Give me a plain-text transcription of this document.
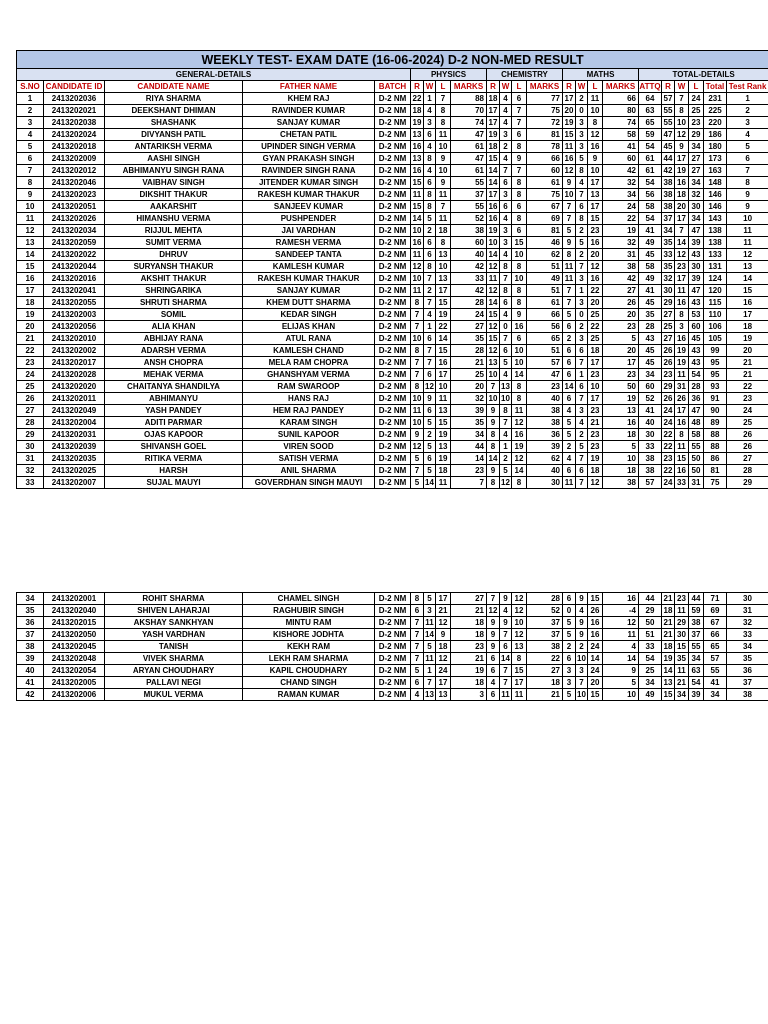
WEEKLY TEST- EXAM DATE (16-06-2024) D-2 NON-MED RESULT																						
GENERAL-DETAILS					PHYSICS				CHEMISTRY				MATHS				TOTAL-DETAILS					
S.NO	CANDIDATE ID	CANDIDATE NAME	FATHER NAME	BATCH	R	W	L	MARKS	R	W	L	MARKS	R	W	L	MARKS	ATTQ	R	W	L	Total	Test Rank
1	2413202036	RIYA SHARMA	KHEM RAJ	D-2 NM	22	1	7	88	18	4	6	77	17	2	11	66	64	57	7	24	231	1
2	2413202021	DEEKSHANT DHIMAN	RAVINDER KUMAR	D-2 NM	18	4	8	70	17	4	7	75	20	0	10	80	63	55	8	25	225	2
3	2413202038	SHASHANK	SANJAY KUMAR	D-2 NM	19	3	8	74	17	4	7	72	19	3	8	74	65	55	10	23	220	3
4	2413202024	DIVYANSH PATIL	CHETAN PATIL	D-2 NM	13	6	11	47	19	3	6	81	15	3	12	58	59	47	12	29	186	4
5	2413202018	ANTARIKSH VERMA	UPINDER SINGH VERMA	D-2 NM	16	4	10	61	18	2	8	78	11	3	16	41	54	45	9	34	180	5
6	2413202009	AASHI SINGH	GYAN PRAKASH SINGH	D-2 NM	13	8	9	47	15	4	9	66	16	5	9	60	61	44	17	27	173	6
7	2413202012	ABHIMANYU SINGH RANA	RAVINDER SINGH RANA	D-2 NM	16	4	10	61	14	7	7	60	12	8	10	42	61	42	19	27	163	7
8	2413202046	VAIBHAV SINGH	JITENDER KUMAR SINGH	D-2 NM	15	6	9	55	14	6	8	61	9	4	17	32	54	38	16	34	148	8
9	2413202023	DIKSHIT THAKUR	RAKESH KUMAR THAKUR	D-2 NM	11	8	11	37	17	3	8	75	10	7	13	34	56	38	18	32	146	9
10	2413202051	AAKARSHIT	SANJEEV KUMAR	D-2 NM	15	8	7	55	16	6	6	67	7	6	17	24	58	38	20	30	146	9
11	2413202026	HIMANSHU VERMA	PUSHPENDER	D-2 NM	14	5	11	52	16	4	8	69	7	8	15	22	54	37	17	34	143	10
12	2413202034	RIJJUL MEHTA	JAI VARDHAN	D-2 NM	10	2	18	38	19	3	6	81	5	2	23	19	41	34	7	47	138	11
13	2413202059	SUMIT VERMA	RAMESH VERMA	D-2 NM	16	6	8	60	10	3	15	46	9	5	16	32	49	35	14	39	138	11
14	2413202022	DHRUV	SANDEEP TANTA	D-2 NM	11	6	13	40	14	4	10	62	8	2	20	31	45	33	12	43	133	12
15	2413202044	SURYANSH THAKUR	KAMLESH KUMAR	D-2 NM	12	8	10	42	12	8	8	51	11	7	12	38	58	35	23	30	131	13
16	2413202016	AKSHIT THAKUR	RAKESH KUMAR THAKUR	D-2 NM	10	7	13	33	11	7	10	49	11	3	16	42	49	32	17	39	124	14
17	2413202041	SHRINGARIKA	SANJAY KUMAR	D-2 NM	11	2	17	42	12	8	8	51	7	1	22	27	41	30	11	47	120	15
18	2413202055	SHRUTI SHARMA	KHEM DUTT SHARMA	D-2 NM	8	7	15	28	14	6	8	61	7	3	20	26	45	29	16	43	115	16
19	2413202003	SOMIL	KEDAR SINGH	D-2 NM	7	4	19	24	15	4	9	66	5	0	25	20	35	27	8	53	110	17
20	2413202056	ALIA KHAN	ELIJAS KHAN	D-2 NM	7	1	22	27	12	0	16	56	6	2	22	23	28	25	3	60	106	18
21	2413202010	ABHIJAY RANA	ATUL RANA	D-2 NM	10	6	14	35	15	7	6	65	2	3	25	5	43	27	16	45	105	19
22	2413202002	ADARSH VERMA	KAMLESH CHAND	D-2 NM	8	7	15	28	12	6	10	51	6	6	18	20	45	26	19	43	99	20
23	2413202017	ANSH CHOPRA	MELA RAM CHOPRA	D-2 NM	7	7	16	21	13	5	10	57	6	7	17	17	45	26	19	43	95	21
24	2413202028	MEHAK VERMA	GHANSHYAM VERMA	D-2 NM	7	6	17	25	10	4	14	47	6	1	23	23	34	23	11	54	95	21
25	2413202020	CHAITANYA SHANDILYA	RAM SWAROOP	D-2 NM	8	12	10	20	7	13	8	23	14	6	10	50	60	29	31	28	93	22
26	2413202011	ABHIMANYU	HANS RAJ	D-2 NM	10	9	11	32	10	10	8	40	6	7	17	19	52	26	26	36	91	23
27	2413202049	YASH PANDEY	HEM RAJ PANDEY	D-2 NM	11	6	13	39	9	8	11	38	4	3	23	13	41	24	17	47	90	24
28	2413202004	ADITI PARMAR	KARAM SINGH	D-2 NM	10	5	15	35	9	7	12	38	5	4	21	16	40	24	16	48	89	25
29	2413202031	OJAS KAPOOR	SUNIL KAPOOR	D-2 NM	9	2	19	34	8	4	16	36	5	2	23	18	30	22	8	58	88	26
30	2413202039	SHIVANSH GOEL	VIREN SOOD	D-2 NM	12	5	13	44	8	1	19	39	2	5	23	5	33	22	11	55	88	26
31	2413202035	RITIKA VERMA	SATISH VERMA	D-2 NM	5	6	19	14	14	2	12	62	4	7	19	10	38	23	15	50	86	27
32	2413202025	HARSH	ANIL SHARMA	D-2 NM	7	5	18	23	9	5	14	40	6	6	18	18	38	22	16	50	81	28
33	2413202007	SUJAL MAUYI	GOVERDHAN SINGH MAUYI	D-2 NM	5	14	11	7	8	12	8	30	11	7	12	38	57	24	33	31	75	29
34	2413202001	ROHIT SHARMA	CHAMEL SINGH	D-2 NM	8	5	17	27	7	9	12	28	6	9	15	16	44	21	23	44	71	30
35	2413202040	SHIVEN LAHARJAI	RAGHUBIR SINGH	D-2 NM	6	3	21	21	12	4	12	52	0	4	26	-4	29	18	11	59	69	31
36	2413202015	AKSHAY SANKHYAN	MINTU RAM	D-2 NM	7	11	12	18	9	9	10	37	5	9	16	12	50	21	29	38	67	32
37	2413202050	YASH VARDHAN	KISHORE JODHTA	D-2 NM	7	14	9	18	9	7	12	37	5	9	16	11	51	21	30	37	66	33
38	2413202045	TANISH	KEKH RAM	D-2 NM	7	5	18	23	9	6	13	38	2	2	24	4	33	18	15	55	65	34
39	2413202048	VIVEK SHARMA	LEKH RAM SHARMA	D-2 NM	7	11	12	21	6	14	8	22	6	10	14	14	54	19	35	34	57	35
40	2413202054	ARYAN CHOUDHARY	KAPIL CHOUDHARY	D-2 NM	5	1	24	19	6	7	15	27	3	3	24	9	25	14	11	63	55	36
41	2413202005	PALLAVI NEGI	CHAND SINGH	D-2 NM	6	7	17	18	4	7	17	18	3	7	20	5	34	13	21	54	41	37
42	2413202006	MUKUL VERMA	RAMAN KUMAR	D-2 NM	4	13	13	3	6	11	11	21	5	10	15	10	49	15	34	39	34	38
